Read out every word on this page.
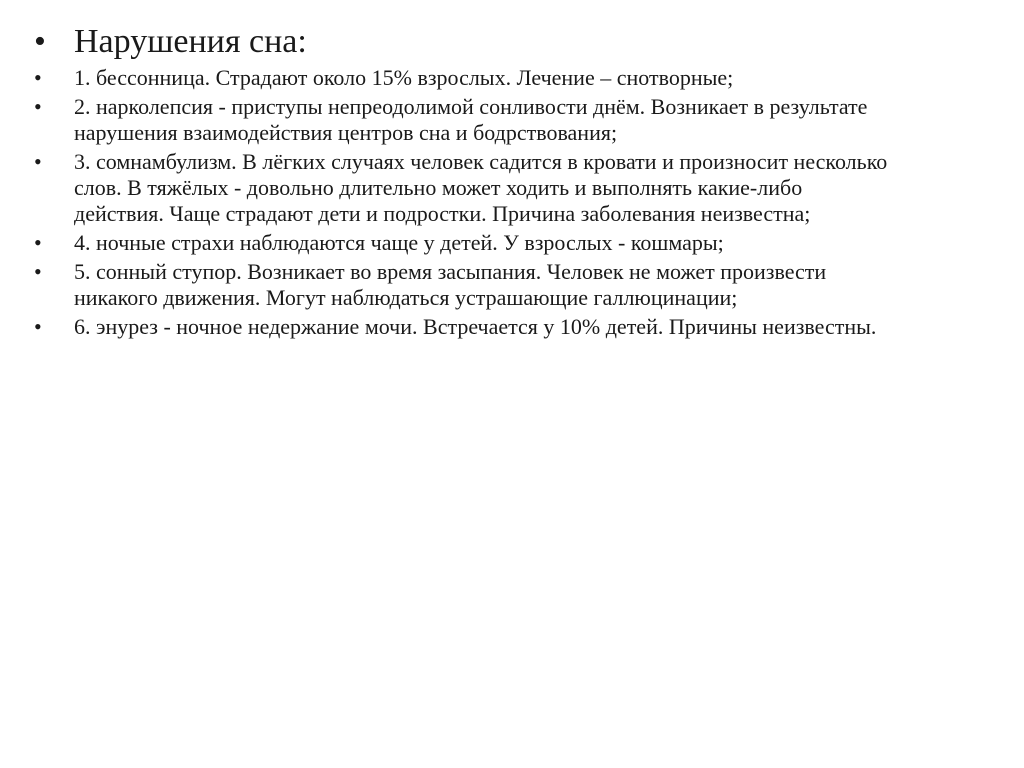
• Нарушения сна:
•	1. бессонница. Страдают около 15% взрослых. Лечение – снотворные;
•	2. нарколепсия - приступы непреодолимой сонливости днём. Возникает в результате нарушения взаимодействия центров сна и бодрствования;
•	3. сомнамбулизм. В лёгких случаях человек садится в кровати и произносит несколько слов. В тяжёлых - довольно длительно может ходить и выполнять какие-либо действия. Чаще страдают дети и подростки. Причина заболевания неизвестна;
•	4. ночные страхи наблюдаются чаще у детей. У взрослых - кошмары;
•	5. сонный ступор. Возникает во время засыпания. Человек не может произвести никакого движения. Могут наблюдаться устрашающие галлюцинации;
•	6. энурез - ночное недержание мочи. Встречается у 10% детей. Причины неизвестны.
